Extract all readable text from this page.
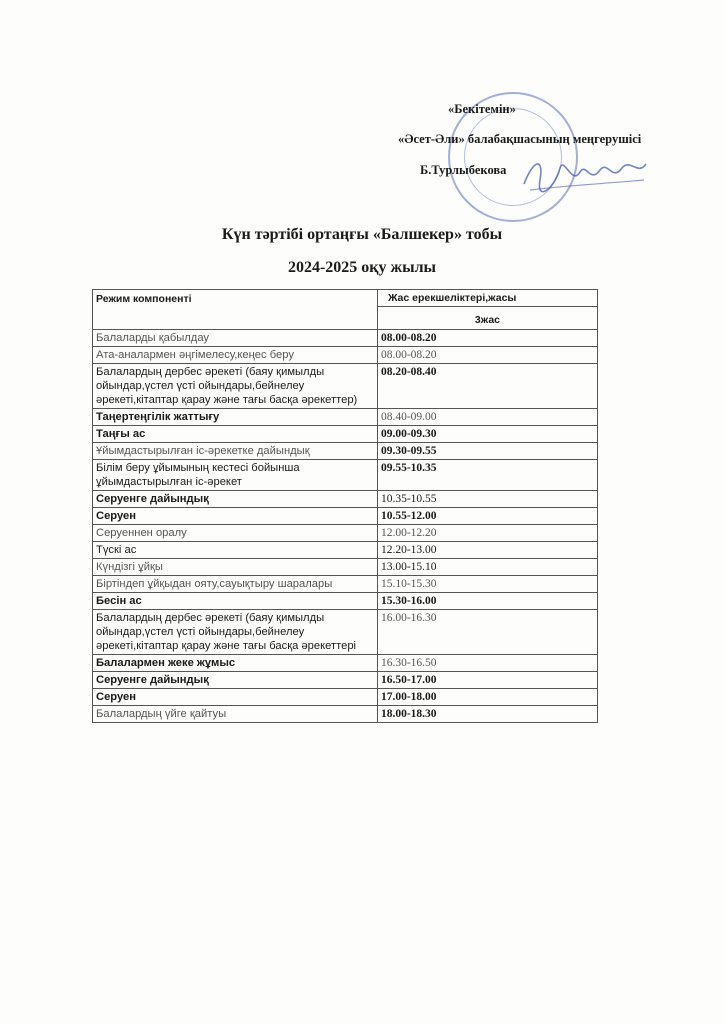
«Бекітемін»
«Әсет-Әли» балабақшасының меңгерушісі
Б.Турлыбекова
Күн тәртібі ортаңғы «Балшекер» тобы
2024-2025 оқу жылы
Режим компоненті	Жас ерекшеліктері,жасы
	3жас
Балаларды қабылдау	08.00-08.20
Ата-аналармен әңгімелесу,кеңес беру	08.00-08.20
Балалардың дербес әрекеті (баяу қимылды ойындар,үстел үсті ойындары,бейнелеу әрекеті,кітаптар қарау және тағы басқа әрекеттер)	08.20-08.40
Таңертеңгілік жаттығу	08.40-09.00
Таңғы ас	09.00-09.30
Ұйымдастырылған іс-әрекетке дайындық	09.30-09.55
Білім беру ұйымының кестесі бойынша ұйымдастырылған іс-әрекет	09.55-10.35
Серуенге дайындық	10.35-10.55
Серуен	10.55-12.00
Серуеннен оралу	12.00-12.20
Түскі ас	12.20-13.00
Күндізгі ұйқы	13.00-15.10
Біртіндеп ұйқыдан ояту,сауықтыру шаралары	15.10-15.30
Бесін ас	15.30-16.00
Балалардың дербес әрекеті (баяу қимылды ойындар,үстел үсті ойындары,бейнелеу әрекеті,кітаптар қарау және тағы басқа әрекеттері	16.00-16.30
Балалармен жеке жұмыс	16.30-16.50
Серуенге дайындық	16.50-17.00
Серуен	17.00-18.00
Балалардың үйге қайтуы	18.00-18.30
